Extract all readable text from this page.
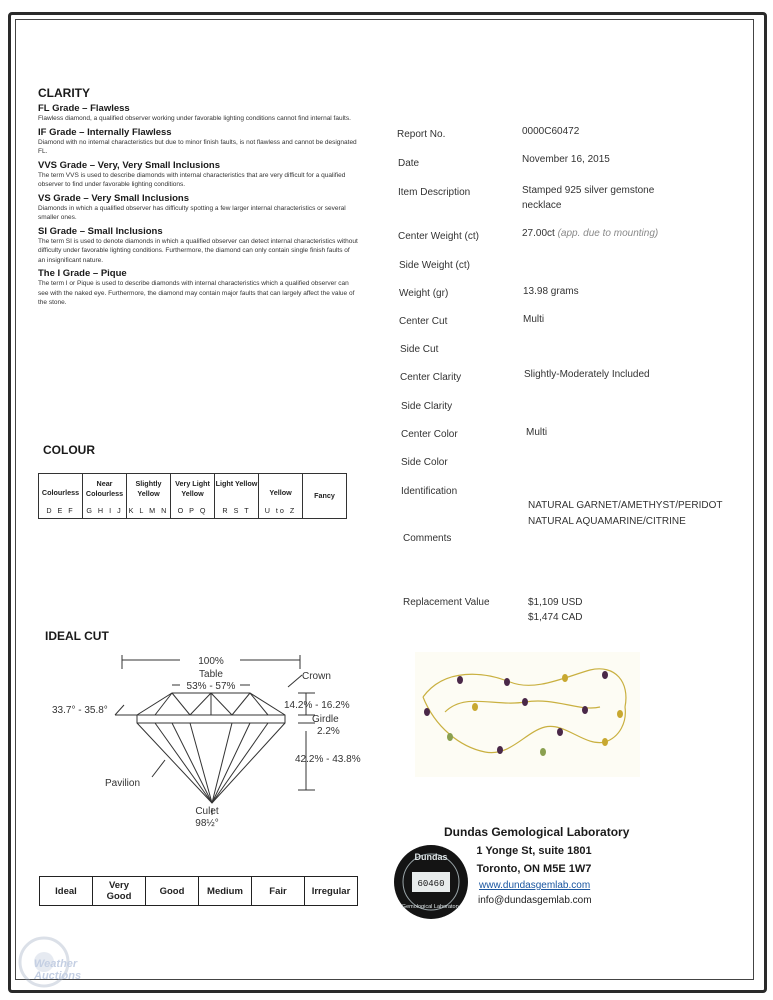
CLARITY
FL Grade – Flawless
Flawless diamond, a qualified observer working under favorable lighting conditions cannot find internal faults.
IF Grade – Internally Flawless
Diamond with no internal characteristics but due to minor finish faults, is not flawless and cannot be designated FL.
VVS Grade – Very, Very Small Inclusions
The term VVS is used to describe diamonds with internal characteristics that are very difficult for a qualified observer to find under favorable lighting conditions.
VS Grade – Very Small Inclusions
Diamonds in which a qualified observer has difficulty spotting a few larger internal characteristics or several smaller ones.
SI Grade – Small Inclusions
The term SI is used to denote diamonds in which a qualified observer can detect internal characteristics without difficulty under favorable lighting conditions. Furthermore, the diamond can only contain single finish faults of an insignificant nature.
The I Grade – Pique
The term I or Pique is used to describe diamonds with internal characteristics which a qualified observer can see with the naked eye. Furthermore, the diamond may contain major faults that can largely affect the value of the stone.
COLOUR
Colourless
D E F

Near Colourless
G H I J

Slightly Yellow
K L M N

Very Light Yellow
O P Q

Light Yellow
R S T

Yellow
U to Z
	Fancy
IDEAL CUT
100%
Table
53% - 57%
Crown
33.7° - 35.8°	14.2% - 16.2%
Girdle
2.2%
42.2% - 43.8%
Pavilion
Culet
98½°
Ideal	Very Good	Good	Medium	Fair	Irregular
Report No.	0000C60472
Date	November 16, 2015
Item Description	Stamped 925 silver gemstone necklace
Center Weight (ct)	27.00ct (app. due to mounting)
Side Weight (ct)
Weight (gr)	13.98 grams
Center Cut	Multi
Side Cut
Center Clarity	Slightly-Moderately Included
Side Clarity
Center Color	Multi
Side Color
Identification
NATURAL GARNET/AMETHYST/PERIDOT
NATURAL AQUAMARINE/CITRINE
Comments
Replacement Value	$1,109 USD
$1,474 CAD
Dundas
60460
Gemological Laboratory
Dundas Gemological Laboratory
1 Yonge St, suite 1801
Toronto, ON M5E 1W7
www.dundasgemlab.com
info@dundasgemlab.com
Weather Auctions
